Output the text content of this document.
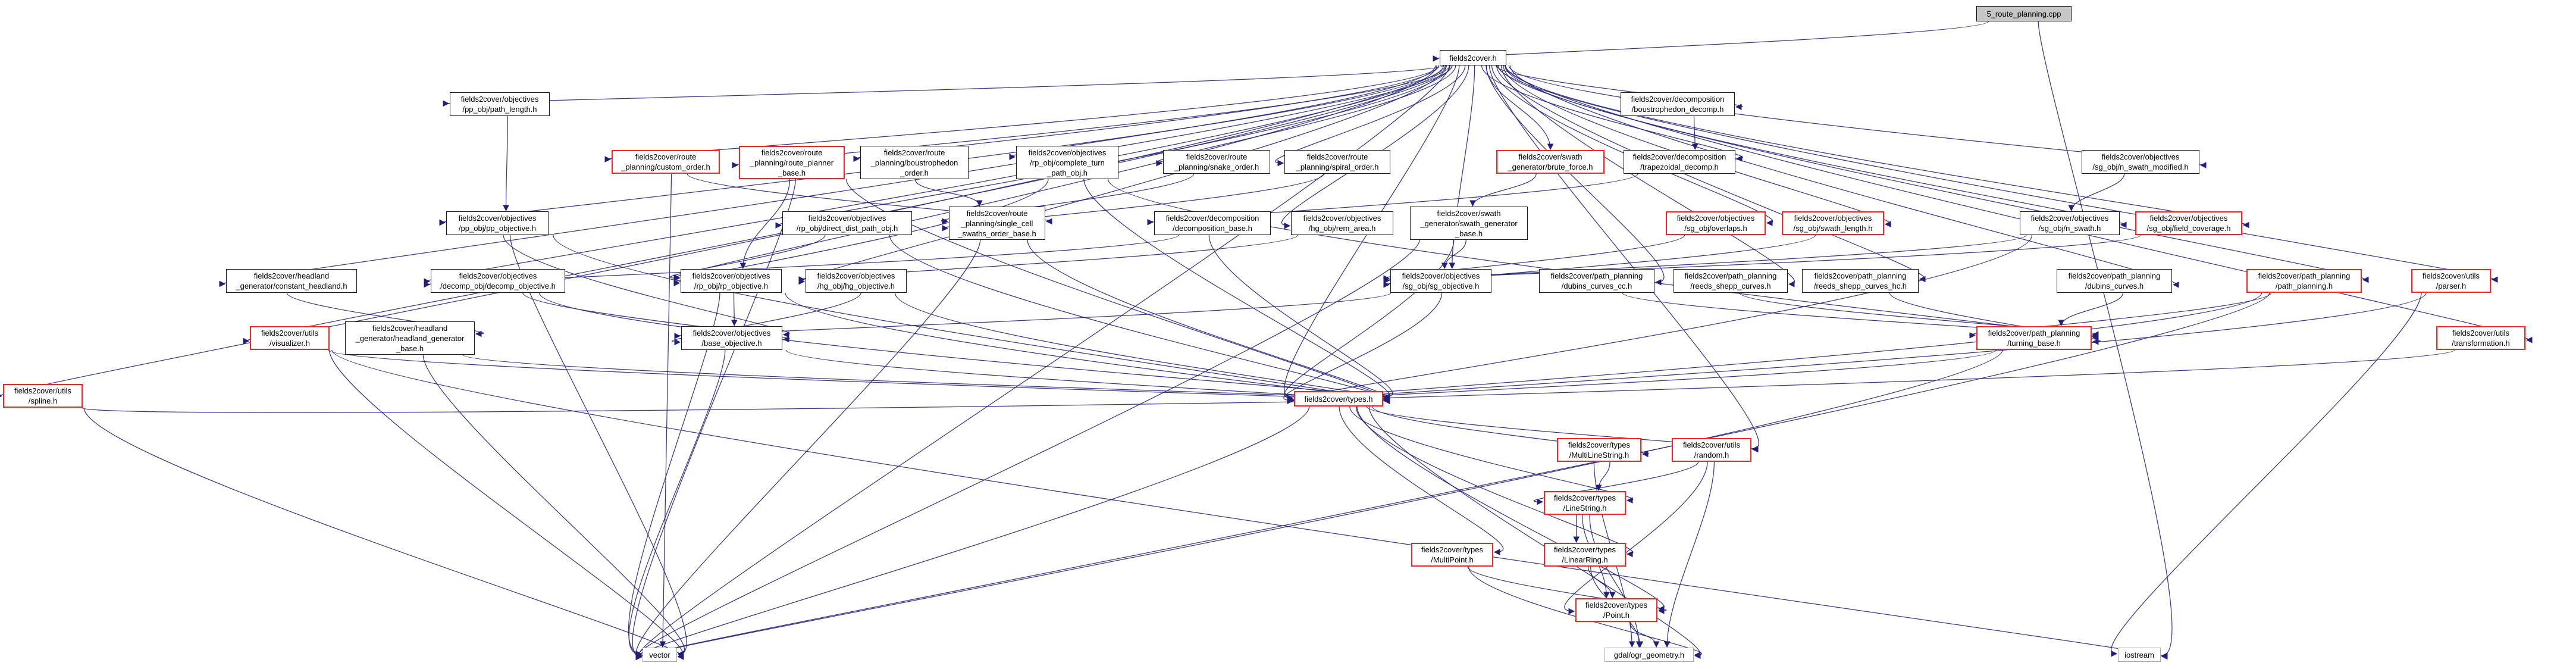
5_route_planning.cpp
fields2cover.h
fields2cover/objectives
/pp_obj/path_length.h
fields2cover/decomposition
/boustrophedon_decomp.h
fields2cover/route
_planning/custom_order.h
fields2cover/route
_planning/route_planner
_base.h
fields2cover/route
_planning/boustrophedon
_order.h
fields2cover/objectives
/rp_obj/complete_turn
_path_obj.h
fields2cover/route
_planning/snake_order.h
fields2cover/route
_planning/spiral_order.h
fields2cover/swath
_generator/brute_force.h
fields2cover/decomposition
/trapezoidal_decomp.h
fields2cover/objectives
/sg_obj/n_swath_modified.h
fields2cover/objectives
/pp_obj/pp_objective.h
fields2cover/objectives
/rp_obj/direct_dist_path_obj.h
fields2cover/route
_planning/single_cell
_swaths_order_base.h
fields2cover/decomposition
/decomposition_base.h
fields2cover/objectives
/hg_obj/rem_area.h
fields2cover/swath
_generator/swath_generator
_base.h
fields2cover/objectives
/sg_obj/overlaps.h
fields2cover/objectives
/sg_obj/swath_length.h
fields2cover/objectives
/sg_obj/n_swath.h
fields2cover/objectives
/sg_obj/field_coverage.h
fields2cover/headland
_generator/constant_headland.h
fields2cover/objectives
/decomp_obj/decomp_objective.h
fields2cover/objectives
/rp_obj/rp_objective.h
fields2cover/objectives
/hg_obj/hg_objective.h
fields2cover/objectives
/sg_obj/sg_objective.h
fields2cover/path_planning
/dubins_curves_cc.h
fields2cover/path_planning
/reeds_shepp_curves.h
fields2cover/path_planning
/reeds_shepp_curves_hc.h
fields2cover/path_planning
/dubins_curves.h
fields2cover/path_planning
/path_planning.h
fields2cover/utils
/parser.h
fields2cover/utils
/visualizer.h
fields2cover/headland
_generator/headland_generator
_base.h
fields2cover/objectives
/base_objective.h
fields2cover/path_planning
/turning_base.h
fields2cover/utils
/transformation.h
fields2cover/utils
/spline.h	fields2cover/types.h
fields2cover/types
/MultiLineString.h
fields2cover/utils
/random.h
fields2cover/types
/LineString.h
fields2cover/types
/MultiPoint.h
fields2cover/types
/LinearRing.h
fields2cover/types
/Point.h
vector	gdal/ogr_geometry.h	iostream
